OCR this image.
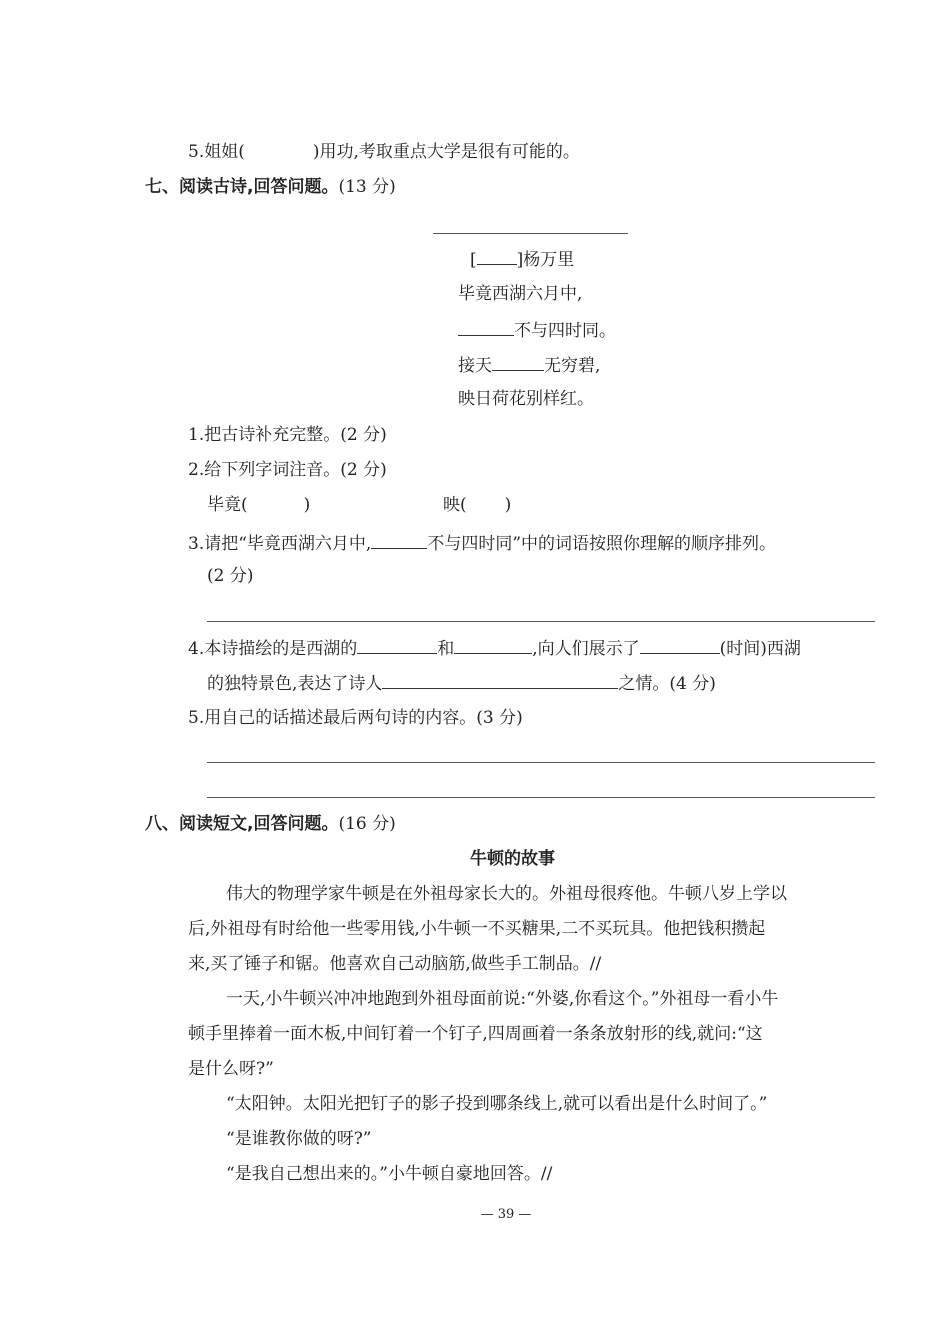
5.姐姐(	)用功,考取重点大学是很有可能的。
七、阅读古诗,回答问题。(13 分)
[ ]杨万里
毕竟西湖六月中,
不与四时同。
接天	无穷碧,
映日荷花别样红。
1.把古诗补充完整。(2 分)
2.给下列字词注音。(2 分)
毕竟(	)	映( )
3.请把“毕竟西湖六月中,	不与四时同”中的词语按照你理解的顺序排列。
(2 分)
4.本诗描绘的是西湖的	和	,向人们展示了	(时间)西湖
的独特景色,表达了诗人	之情。(4 分)
5.用自己的话描述最后两句诗的内容。(3 分)
八、阅读短文,回答问题。(16 分)
牛顿的故事
伟大的物理学家牛顿是在外祖母家长大的。外祖母很疼他。牛顿八岁上学以
后,外祖母有时给他一些零用钱,小牛顿一不买糖果,二不买玩具。他把钱积攒起
来,买了锤子和锯。他喜欢自己动脑筋,做些手工制品。//
一天,小牛顿兴冲冲地跑到外祖母面前说:“外婆,你看这个。”外祖母一看小牛
顿手里捧着一面木板,中间钉着一个钉子,四周画着一条条放射形的线,就问:“这
是什么呀?”
“太阳钟。太阳光把钉子的影子投到哪条线上,就可以看出是什么时间了。”
“是谁教你做的呀?”
“是我自己想出来的。”小牛顿自豪地回答。//
— 39 —
